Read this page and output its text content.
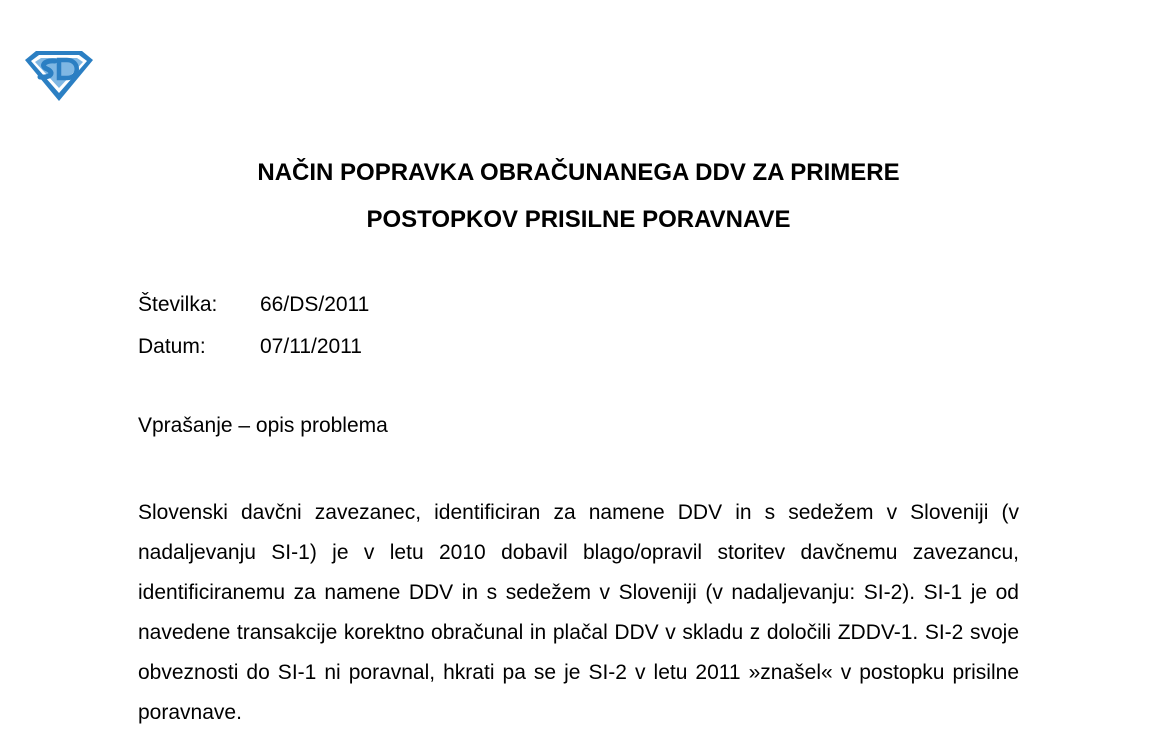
NAČIN POPRAVKA OBRAČUNANEGA DDV ZA PRIMERE
POSTOPKOV PRISILNE PORAVNAVE
Številka: 66/DS/2011
Datum:	07/11/2011
Vprašanje – opis problema

Slovenski davčni zavezanec, identificiran za namene DDV in s sedežem v Sloveniji (v nadaljevanju SI-1) je v letu 2010 dobavil blago/opravil storitev davčnemu zavezancu, identificiranemu za namene DDV in s sedežem v Sloveniji (v nadaljevanju: SI-2). SI-1 je od navedene transakcije korektno obračunal in plačal DDV v skladu z določili ZDDV-1. SI-2 svoje obveznosti do SI-1 ni poravnal, hkrati pa se je SI-2 v letu 2011 »znašel« v postopku prisilne poravnave.
